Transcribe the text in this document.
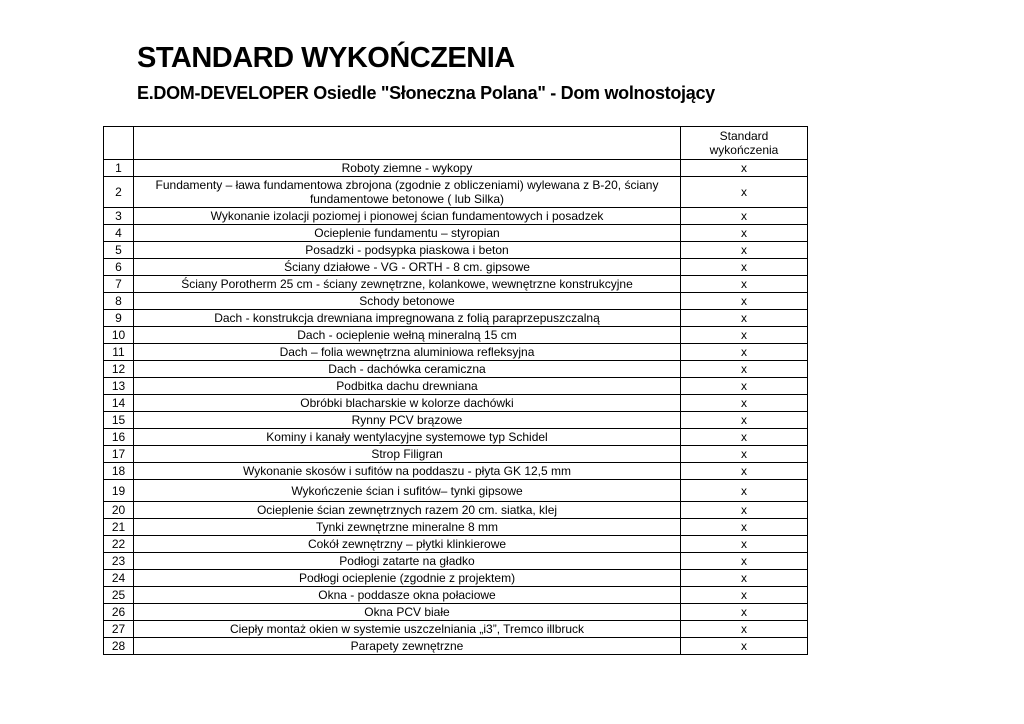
STANDARD WYKOŃCZENIA
E.DOM-DEVELOPER Osiedle "Słoneczna Polana" - Dom wolnostojący
		Standard wykończenia
1	Roboty ziemne - wykopy	x
2	Fundamenty – ława fundamentowa zbrojona (zgodnie z obliczeniami) wylewana z B-20, ściany fundamentowe betonowe ( lub Silka)	x
3	Wykonanie izolacji poziomej i pionowej ścian fundamentowych i posadzek	x
4	Ocieplenie fundamentu – styropian	x
5	Posadzki - podsypka piaskowa i beton	x
6	Ściany działowe - VG - ORTH - 8 cm. gipsowe	x
7	Ściany Porotherm 25 cm - ściany zewnętrzne, kolankowe, wewnętrzne konstrukcyjne	x
8	Schody betonowe	x
9	Dach - konstrukcja drewniana impregnowana z folią paraprzepuszczalną	x
10	Dach - ocieplenie wełną mineralną 15 cm	x
11	Dach – folia wewnętrzna aluminiowa refleksyjna	x
12	Dach - dachówka ceramiczna	x
13	Podbitka dachu drewniana	x
14	Obróbki blacharskie w kolorze dachówki	x
15	Rynny PCV brązowe	x
16	Kominy i kanały wentylacyjne systemowe typ Schidel	x
17	Strop Filigran	x
18	Wykonanie skosów i sufitów na poddaszu - płyta GK 12,5 mm	x
19	Wykończenie ścian i sufitów– tynki gipsowe	x
20	Ocieplenie ścian zewnętrznych razem 20 cm. siatka, klej	x
21	Tynki zewnętrzne mineralne 8 mm	x
22	Cokół zewnętrzny – płytki klinkierowe	x
23	Podłogi zatarte na gładko	x
24	Podłogi ocieplenie (zgodnie z projektem)	x
25	Okna - poddasze okna połaciowe	x
26	Okna PCV białe	x
27	Ciepły montaż okien w systemie uszczelniania „i3”, Tremco illbruck	x
28	Parapety zewnętrzne	x
